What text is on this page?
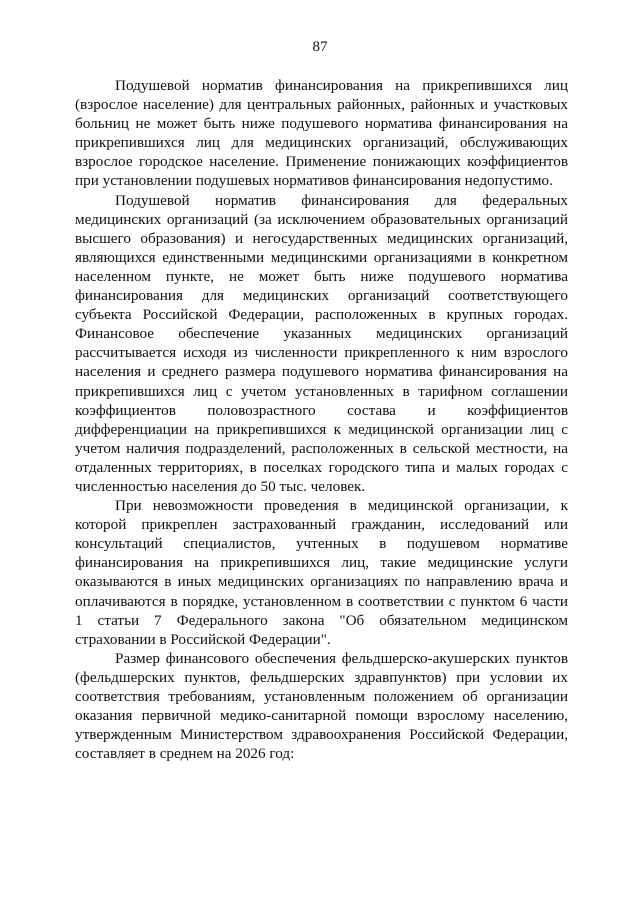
87

Подушевой норматив финансирования на прикрепившихся лиц (взрослое население) для центральных районных, районных и участковых больниц не может быть ниже подушевого норматива финансирования на прикрепившихся лиц для медицинских организаций, обслуживающих взрослое городское население. Применение понижающих коэффициентов при установлении подушевых нормативов финансирования недопустимо.

Подушевой норматив финансирования для федеральных медицинских организаций (за исключением образовательных организаций высшего образования) и негосударственных медицинских организаций, являющихся единственными медицинскими организациями в конкретном населенном пункте, не может быть ниже подушевого норматива финансирования для медицинских организаций соответствующего субъекта Российской Федерации, расположенных в крупных городах. Финансовое обеспечение указанных медицинских организаций рассчитывается исходя из численности прикрепленного к ним взрослого населения и среднего размера подушевого норматива финансирования на прикрепившихся лиц с учетом установленных в тарифном соглашении коэффициентов половозрастного состава и коэффициентов дифференциации на прикрепившихся к медицинской организации лиц с учетом наличия подразделений, расположенных в сельской местности, на отдаленных территориях, в поселках городского типа и малых городах с численностью населения до 50 тыс. человек.

При невозможности проведения в медицинской организации, к которой прикреплен застрахованный гражданин, исследований или консультаций специалистов, учтенных в подушевом нормативе финансирования на прикрепившихся лиц, такие медицинские услуги оказываются в иных медицинских организациях по направлению врача и оплачиваются в порядке, установленном в соответствии с пунктом 6 части 1 статьи 7 Федерального закона "Об обязательном медицинском страховании в Российской Федерации".

Размер финансового обеспечения фельдшерско-акушерских пунктов (фельдшерских пунктов, фельдшерских здравпунктов) при условии их соответствия требованиям, установленным положением об организации оказания первичной медико-санитарной помощи взрослому населению, утвержденным Министерством здравоохранения Российской Федерации, составляет в среднем на 2026 год:
